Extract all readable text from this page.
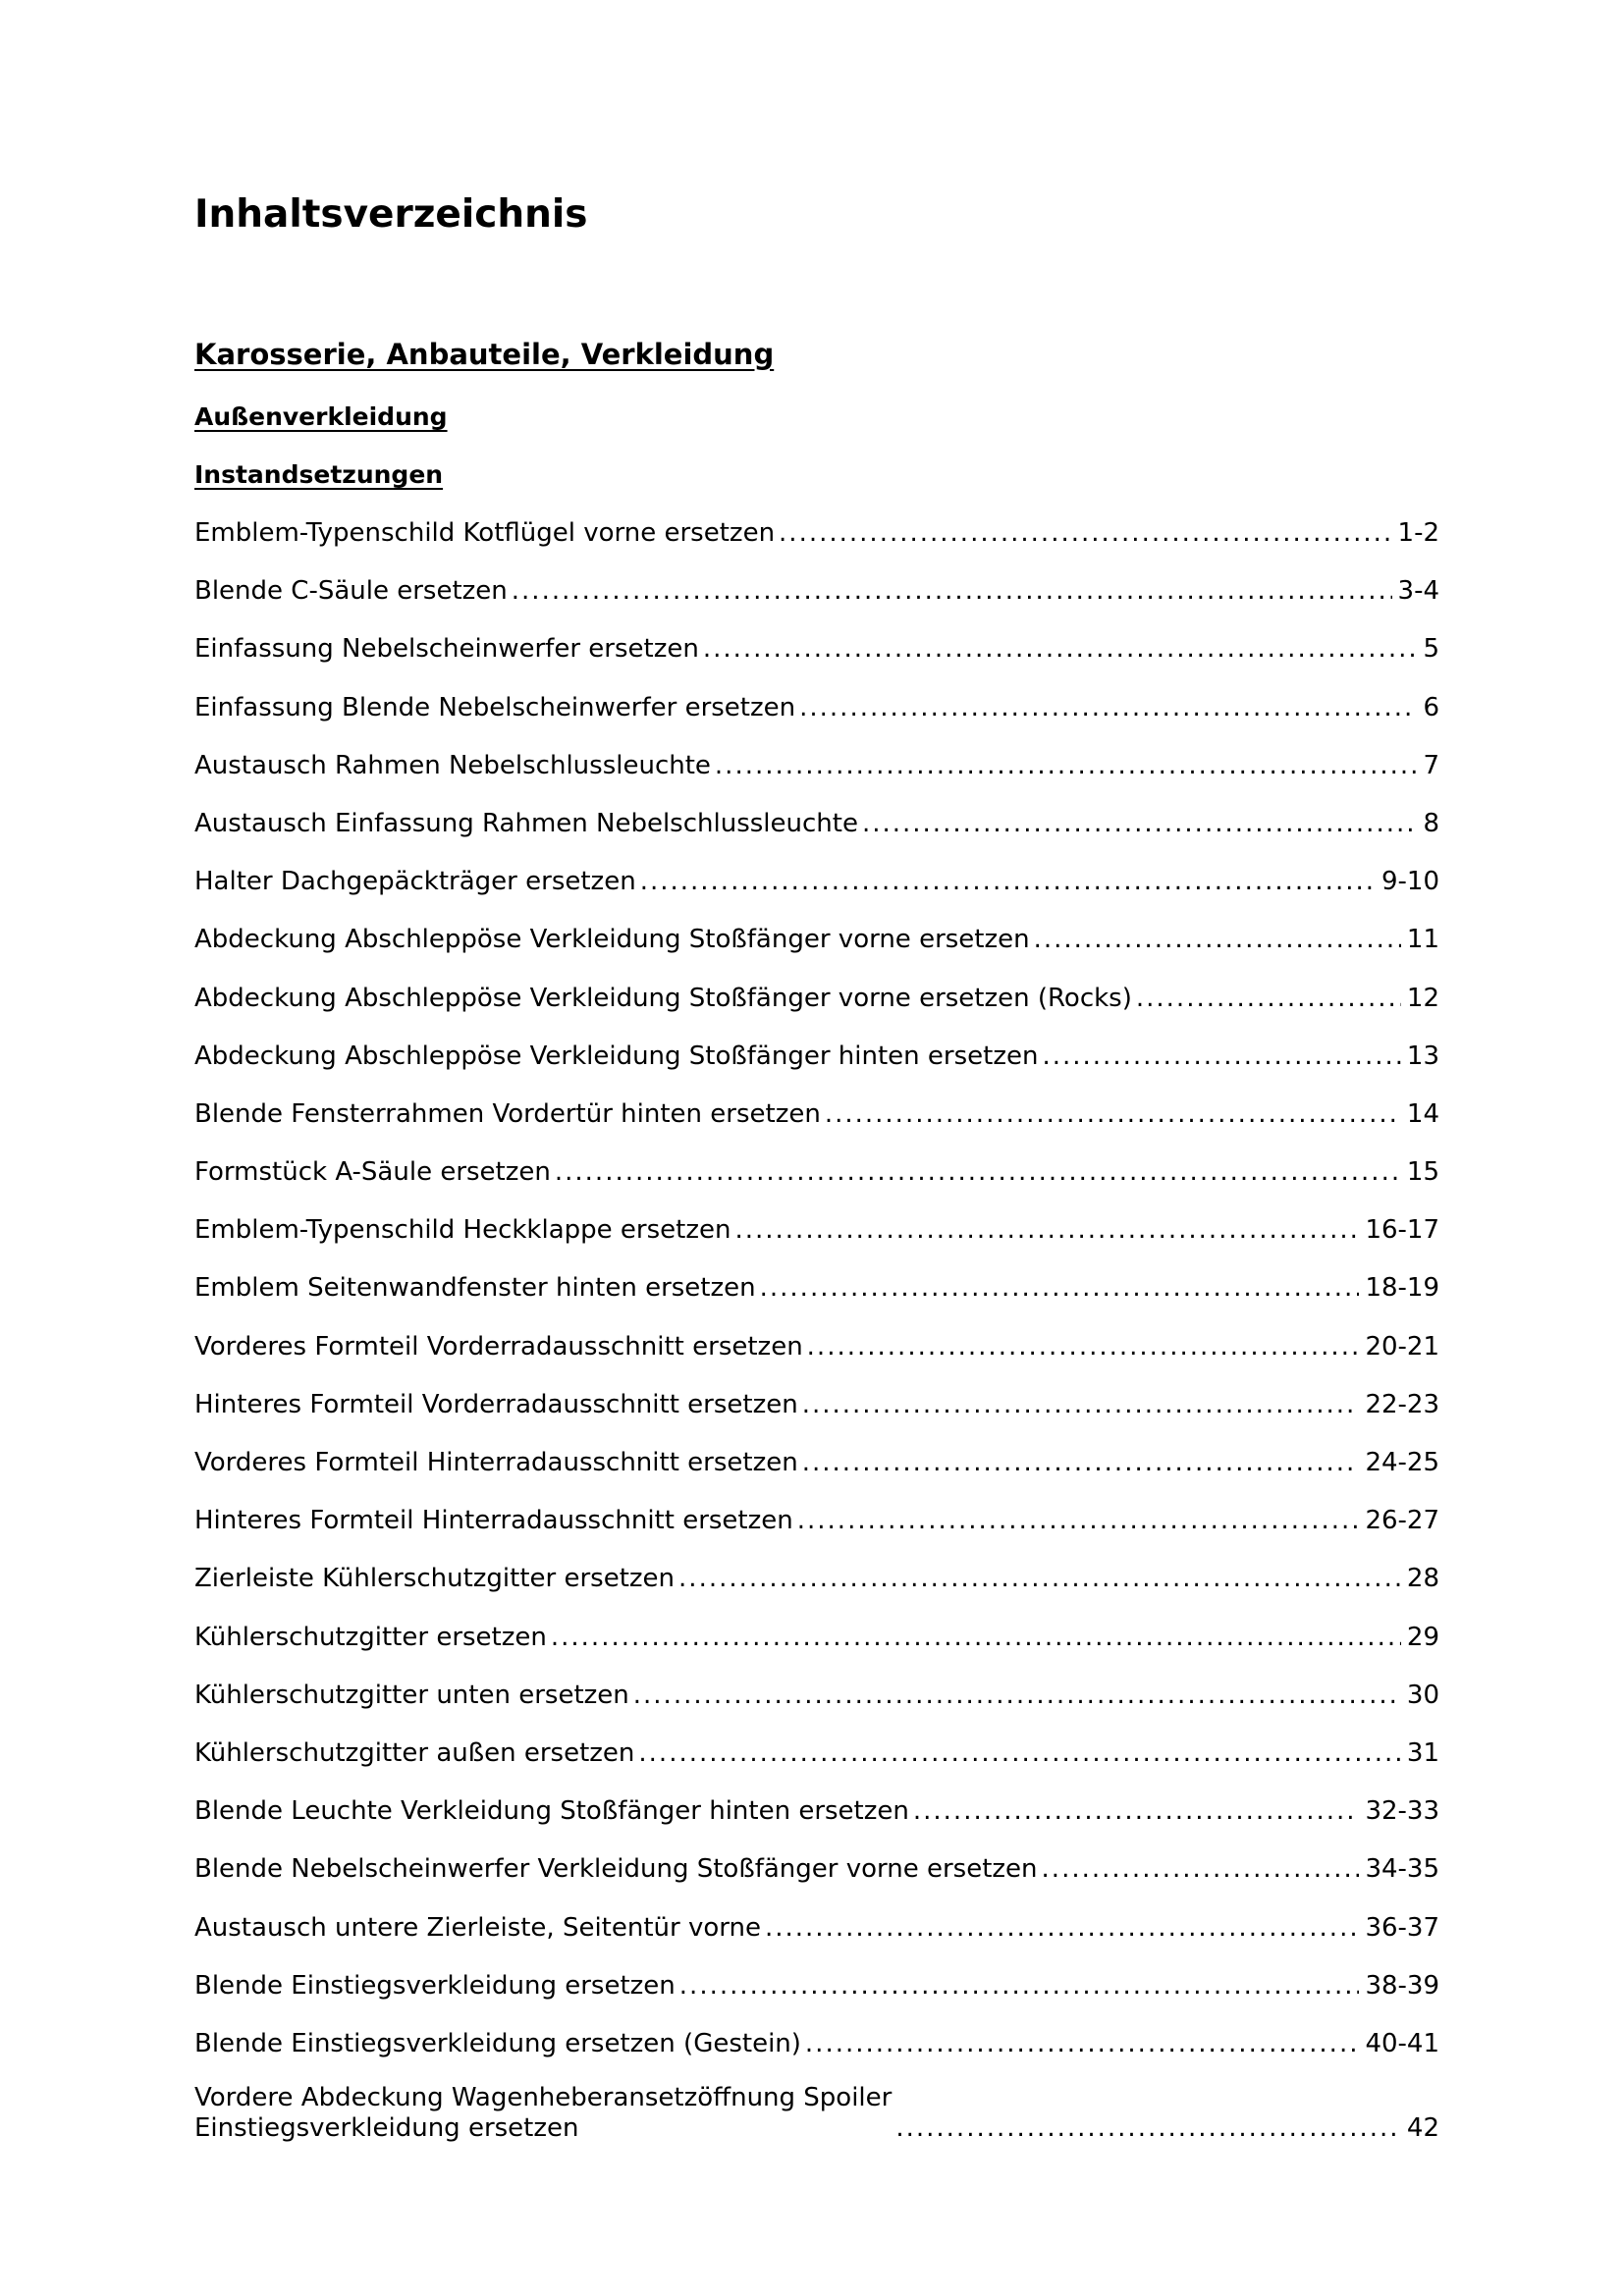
Inhaltsverzeichnis
Karosserie, Anbauteile, Verkleidung
Außenverkleidung
Instandsetzungen
Emblem-Typenschild Kotflügel vorne ersetzen .....	1-2
Blende C-Säule ersetzen .....	3-4
Einfassung Nebelscheinwerfer ersetzen .....	5
Einfassung Blende Nebelscheinwerfer ersetzen .....	6
Austausch Rahmen Nebelschlussleuchte .....	7
Austausch Einfassung Rahmen Nebelschlussleuchte .....	8
Halter Dachgepäckträger ersetzen .....	9-10
Abdeckung Abschleppöse Verkleidung Stoßfänger vorne ersetzen .....	11
Abdeckung Abschleppöse Verkleidung Stoßfänger vorne ersetzen (Rocks) .....	12
Abdeckung Abschleppöse Verkleidung Stoßfänger hinten ersetzen .....	13
Blende Fensterrahmen Vordertür hinten ersetzen .....	14
Formstück A-Säule ersetzen .....	15
Emblem-Typenschild Heckklappe ersetzen .....	16-17
Emblem Seitenwandfenster hinten ersetzen .....	18-19
Vorderes Formteil Vorderradausschnitt ersetzen .....	20-21
Hinteres Formteil Vorderradausschnitt ersetzen .....	22-23
Vorderes Formteil Hinterradausschnitt ersetzen .....	24-25
Hinteres Formteil Hinterradausschnitt ersetzen .....	26-27
Zierleiste Kühlerschutzgitter ersetzen .....	28
Kühlerschutzgitter ersetzen .....	29
Kühlerschutzgitter unten ersetzen .....	30
Kühlerschutzgitter außen ersetzen .....	31
Blende Leuchte Verkleidung Stoßfänger hinten ersetzen .....	32-33
Blende Nebelscheinwerfer Verkleidung Stoßfänger vorne ersetzen .....	34-35
Austausch untere Zierleiste, Seitentür vorne .....	36-37
Blende Einstiegsverkleidung ersetzen .....	38-39
Blende Einstiegsverkleidung ersetzen (Gestein) .....	40-41
Vordere Abdeckung Wagenheberansetzöffnung Spoiler
Einstiegsverkleidung ersetzen .....	42
